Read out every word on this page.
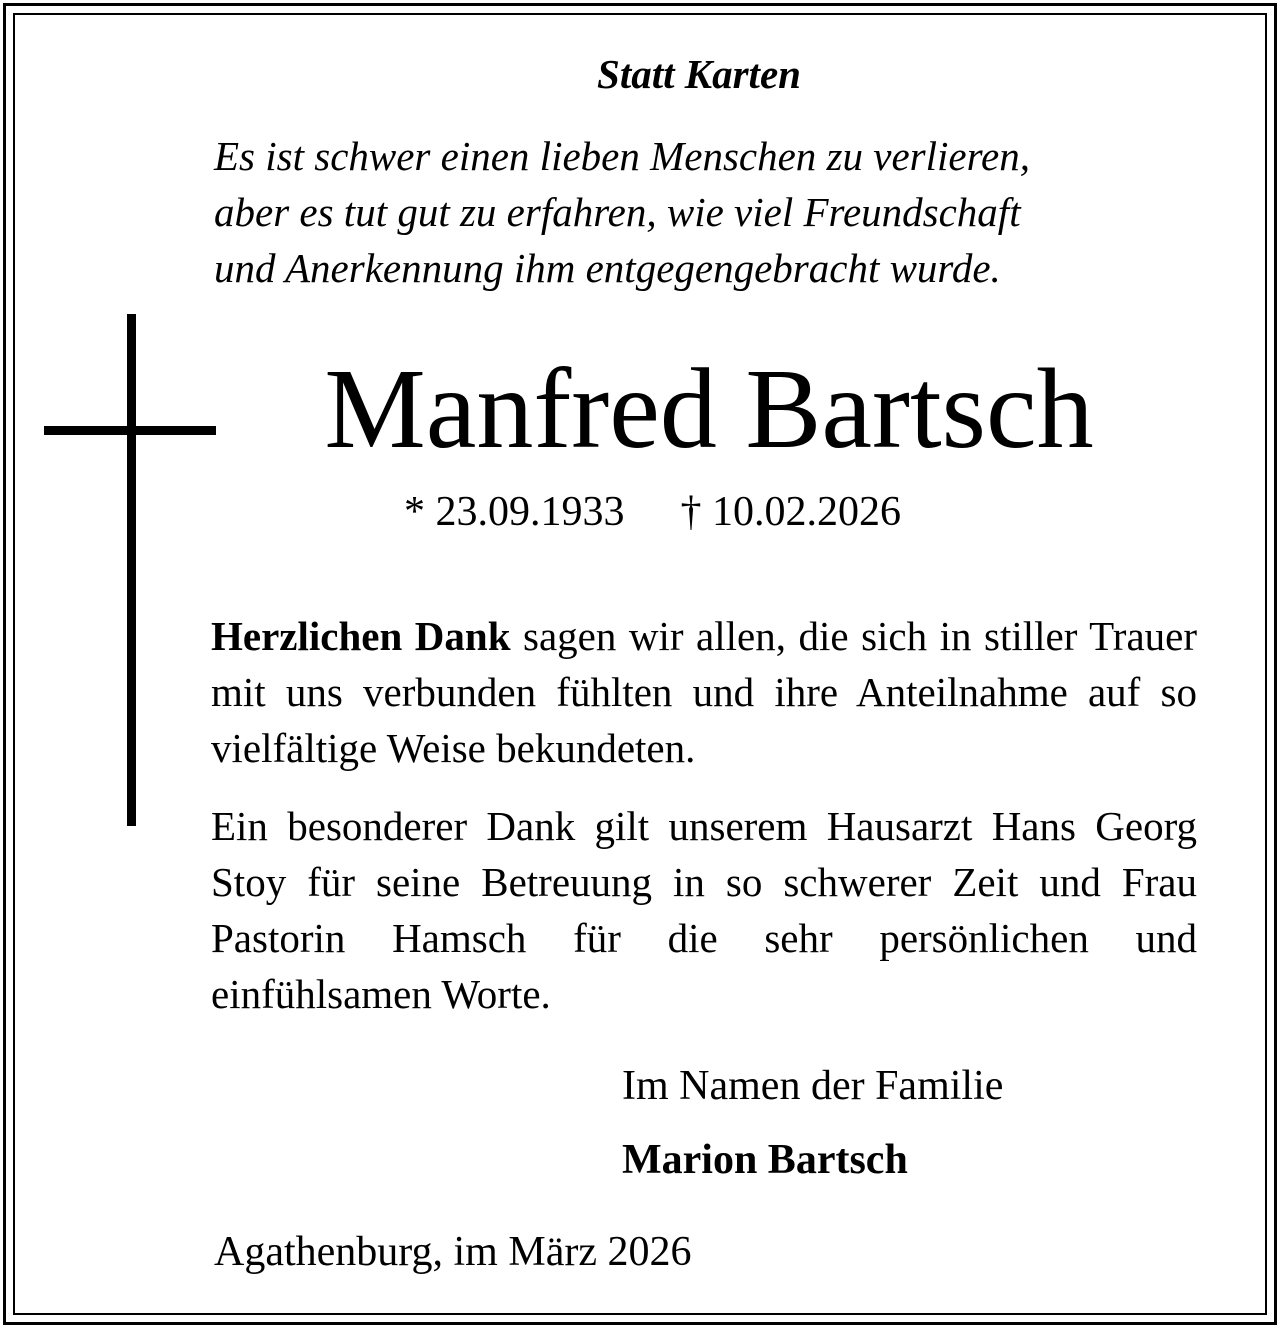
Statt Karten
Es ist schwer einen lieben Menschen zu verlieren,
aber es tut gut zu erfahren, wie viel Freundschaft
und Anerkennung ihm entgegengebracht wurde.
Manfred Bartsch
* 23.09.1933 † 10.02.2026
Herzlichen Dank sagen wir allen, die sich in stiller Trauer mit uns verbunden fühlten und ihre Anteilnahme auf so vielfältige Weise bekundeten.
Ein besonderer Dank gilt unserem Hausarzt Hans Georg Stoy für seine Betreuung in so schwerer Zeit und Frau Pastorin Hamsch für die sehr persönlichen und einfühlsamen Worte.
Im Namen der Familie
Marion Bartsch
Agathenburg, im März 2026
